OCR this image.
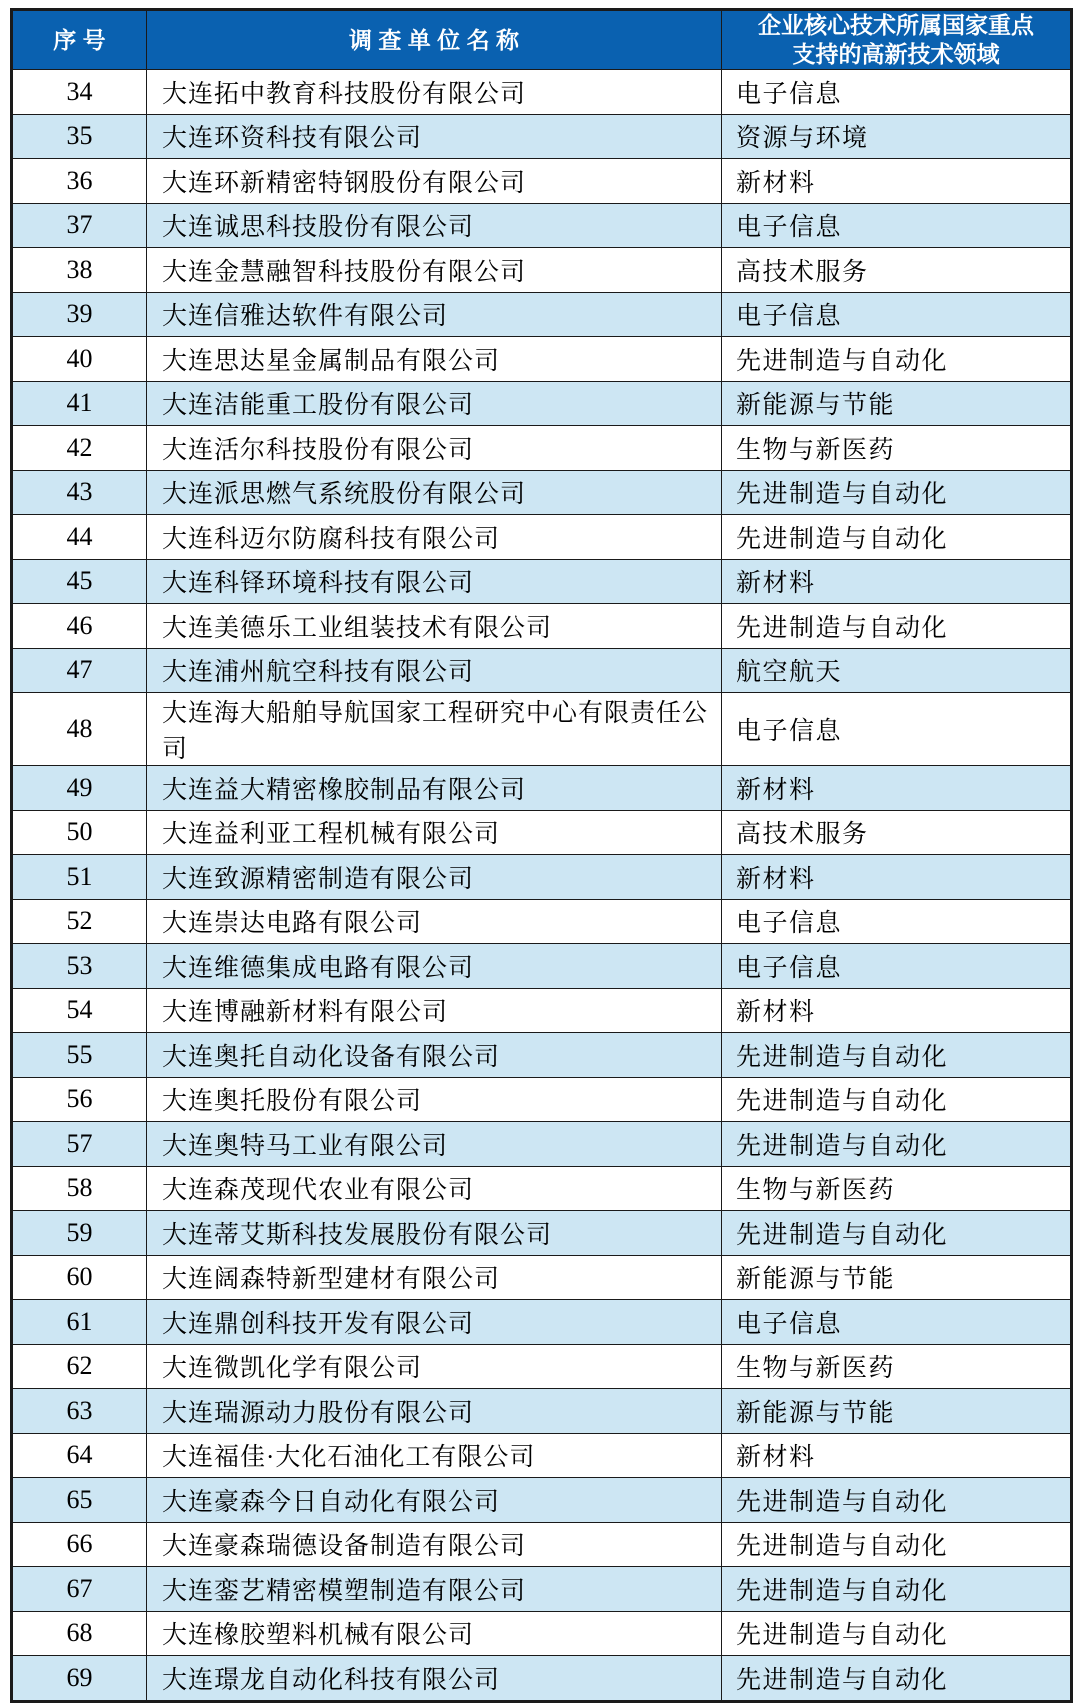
序 号	调 查 单 位 名 称	企业核心技术所属国家重点
支持的高新技术领域

34	大连拓中教育科技股份有限公司	电子信息
35	大连环资科技有限公司	资源与环境
36	大连环新精密特钢股份有限公司	新材料
37	大连诚思科技股份有限公司	电子信息
38	大连金慧融智科技股份有限公司	高技术服务
39	大连信雅达软件有限公司	电子信息
40	大连思达星金属制品有限公司	先进制造与自动化
41	大连洁能重工股份有限公司	新能源与节能
42	大连活尔科技股份有限公司	生物与新医药
43	大连派思燃气系统股份有限公司	先进制造与自动化
44	大连科迈尔防腐科技有限公司	先进制造与自动化
45	大连科铎环境科技有限公司	新材料
46	大连美德乐工业组装技术有限公司	先进制造与自动化
47	大连浦州航空科技有限公司	航空航天
48	大连海大船舶导航国家工程研究中心有限责任公司	电子信息
49	大连益大精密橡胶制品有限公司	新材料
50	大连益利亚工程机械有限公司	高技术服务
51	大连致源精密制造有限公司	新材料
52	大连崇达电路有限公司	电子信息
53	大连维德集成电路有限公司	电子信息
54	大连博融新材料有限公司	新材料
55	大连奥托自动化设备有限公司	先进制造与自动化
56	大连奥托股份有限公司	先进制造与自动化
57	大连奥特马工业有限公司	先进制造与自动化
58	大连森茂现代农业有限公司	生物与新医药
59	大连蒂艾斯科技发展股份有限公司	先进制造与自动化
60	大连阔森特新型建材有限公司	新能源与节能
61	大连鼎创科技开发有限公司	电子信息
62	大连微凯化学有限公司	生物与新医药
63	大连瑞源动力股份有限公司	新能源与节能
64	大连福佳·大化石油化工有限公司	新材料
65	大连豪森今日自动化有限公司	先进制造与自动化
66	大连豪森瑞德设备制造有限公司	先进制造与自动化
67	大连銮艺精密模塑制造有限公司	先进制造与自动化
68	大连橡胶塑料机械有限公司	先进制造与自动化
69	大连璟龙自动化科技有限公司	先进制造与自动化
